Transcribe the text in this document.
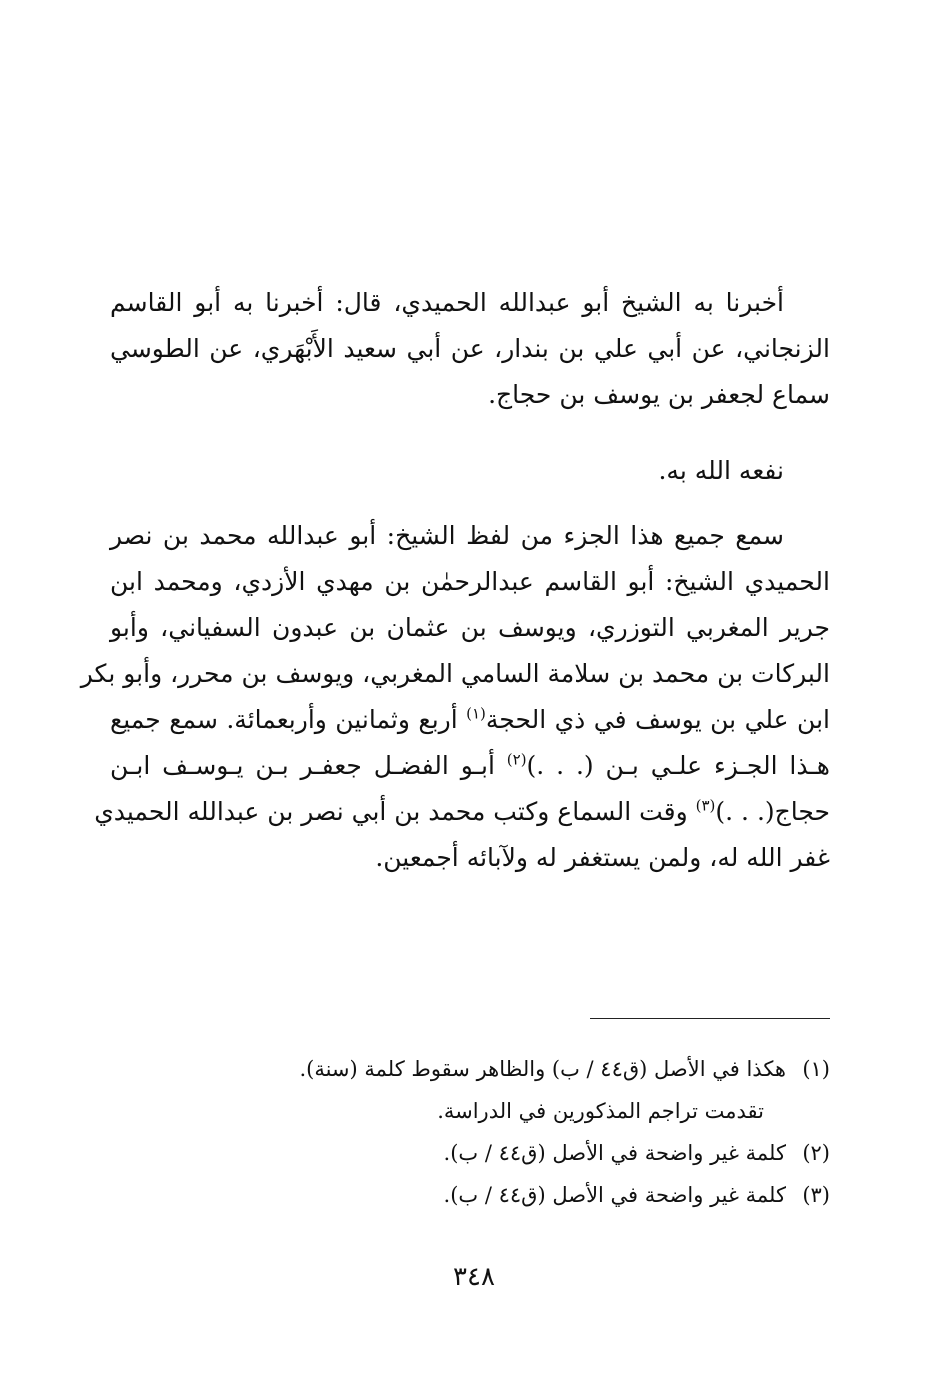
أخبرنا به الشيخ أبو عبدالله الحميدي، قال: أخبرنا به أبو القاسم
الزنجاني، عن أبي علي بن بندار، عن أبي سعيد الأَبْهَري، عن الطوسي
سماع لجعفر بن يوسف بن حجاج.
نفعه الله به.
سمع جميع هذا الجزء من لفظ الشيخ: أبو عبدالله محمد بن نصر
الحميدي الشيخ: أبو القاسم عبدالرحمٰن بن مهدي الأزدي، ومحمد ابن
جرير المغربي التوزري، ويوسف بن عثمان بن عبدون السفياني، وأبو
البركات بن محمد بن سلامة السامي المغربي، ويوسف بن محرر، وأبو بكر
ابن علي بن يوسف في ذي الحجة$^{(١)}$ أربع وثمانين وأربعمائة. سمع جميع
هـذا الجـزء علـي بـن (. . .)$^{(٢)}$ أبـو الفضـل جعفـر بـن يـوسـف ابـن
حجاج(. . .)$^{(٣)}$ وقت السماع وكتب محمد بن أبي نصر بن عبدالله الحميدي
غفر الله له، ولمن يستغفر له ولآبائه أجمعين.
(١)هكذا في الأصل (ق٤٤ / ب) والظاهر سقوط كلمة (سنة).
تقدمت تراجم المذكورين في الدراسة.
(٢)كلمة غير واضحة في الأصل (ق٤٤ / ب).
(٣)كلمة غير واضحة في الأصل (ق٤٤ / ب).
٣٤٨
